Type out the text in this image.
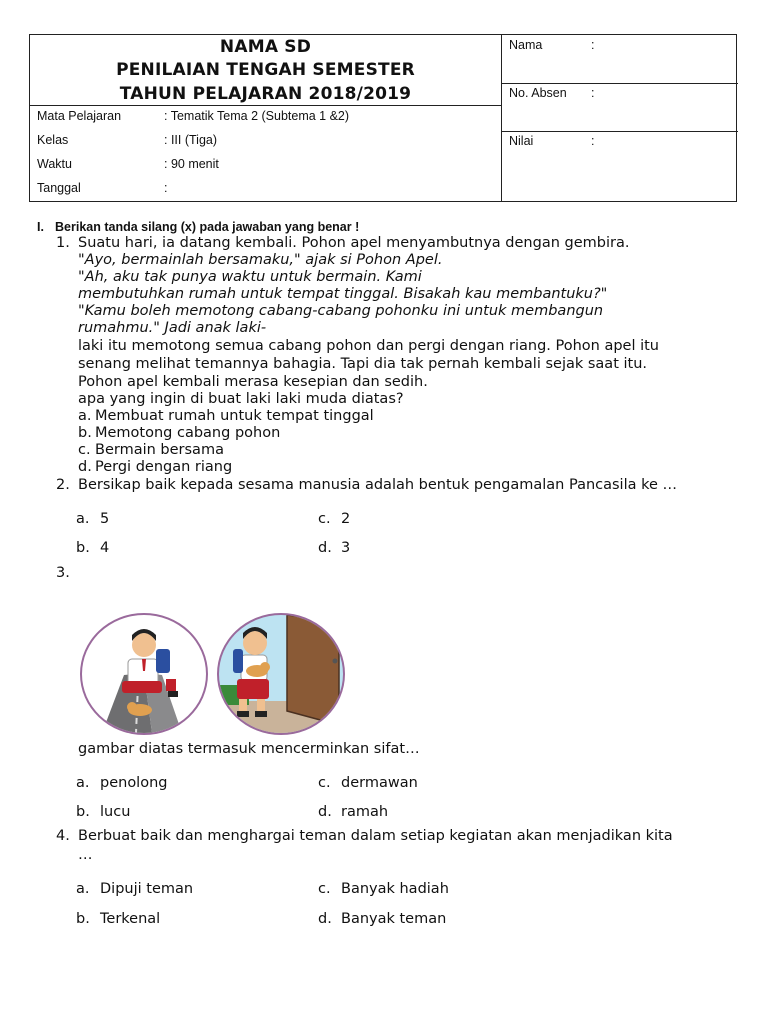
NAMA SD
PENILAIAN TENGAH SEMESTER
TAHUN PELAJARAN 2018/2019
Mata Pelajaran	: Tematik Tema 2 (Subtema 1 &2)
Kelas	: III (Tiga)
Waktu	: 90 menit
Tanggal	:
Nama	:
No. Absen :
Nilai	:
I. Berikan tanda silang (x) pada jawaban yang benar !
1. Suatu hari, ia datang kembali. Pohon apel menyambutnya dengan gembira.
"Ayo, bermainlah bersamaku," ajak si Pohon Apel.
"Ah, aku tak punya waktu untuk bermain. Kami
membutuhkan rumah untuk tempat tinggal. Bisakah kau membantuku?"
"Kamu boleh memotong cabang-cabang pohonku ini untuk membangun
rumahmu." Jadi anak laki-
laki itu memotong semua cabang pohon dan pergi dengan riang. Pohon apel itu
senang melihat temannya bahagia. Tapi dia tak pernah kembali sejak saat itu.
Pohon apel kembali merasa kesepian dan sedih.
apa yang ingin di buat laki laki muda diatas?
a. Membuat rumah untuk tempat tinggal
b. Memotong cabang pohon
c. Bermain bersama
d. Pergi dengan riang
2. Bersikap baik kepada sesama manusia adalah bentuk pengamalan Pancasila ke …
a. 5	c. 2
b. 4	d. 3
3.
gambar diatas termasuk mencerminkan sifat…
a. penolong	c. dermawan
b. lucu	d. ramah
4. Berbuat baik dan menghargai teman dalam setiap kegiatan akan menjadikan kita
…
a. Dipuji teman	c. Banyak hadiah
b. Terkenal	d. Banyak teman
